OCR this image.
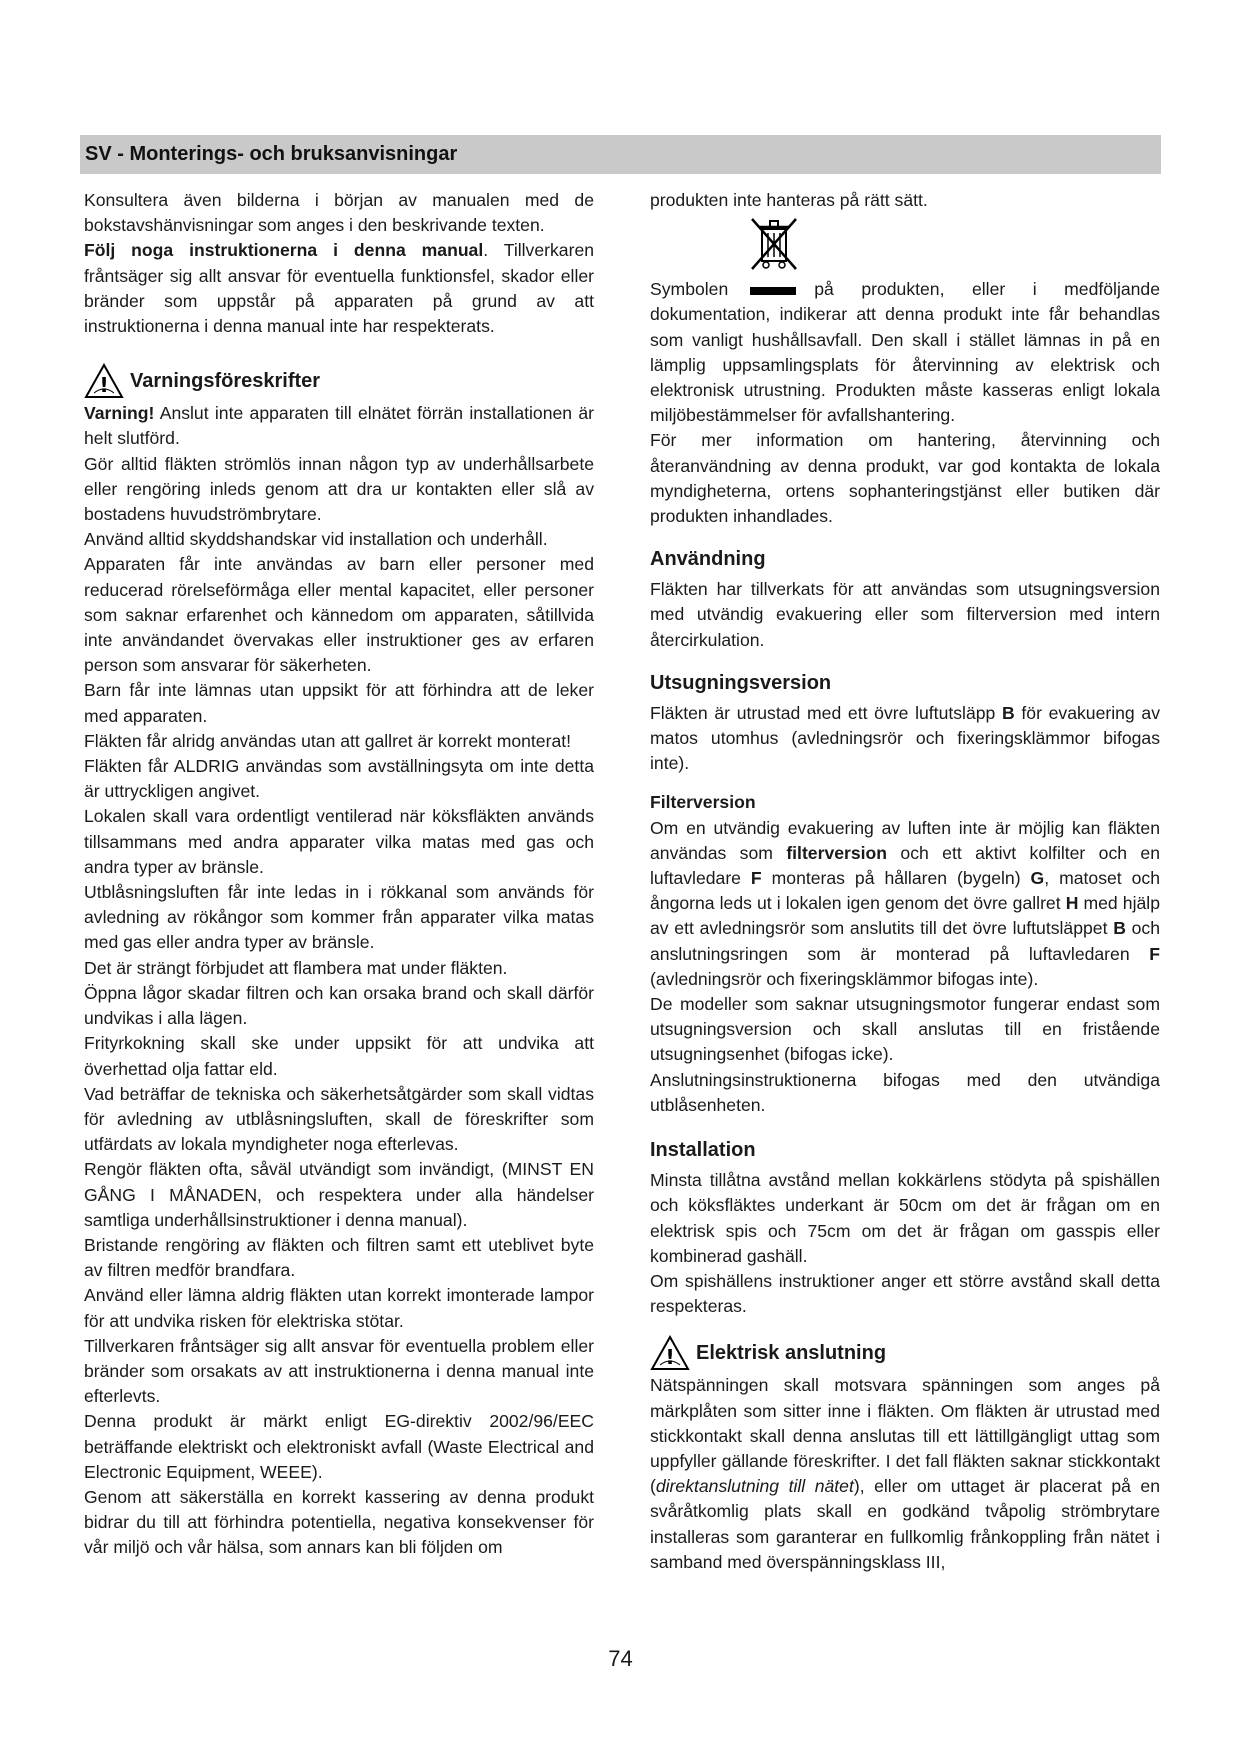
SV - Monterings- och bruksanvisningar

Konsultera även bilderna i början av manualen med de bokstavshänvisningar som anges i den beskrivande texten.

Följ noga instruktionerna i denna manual. Tillverkaren fråntsäger sig allt ansvar för eventuella funktionsfel, skador eller bränder som uppstår på apparaten på grund av att instruktionerna i denna manual inte har respekterats.

! Varningsföreskrifter

Varning! Anslut inte apparaten till elnätet förrän installationen är helt slutförd.

Gör alltid fläkten strömlös innan någon typ av underhållsarbete eller rengöring inleds genom att dra ur kontakten eller slå av bostadens huvudströmbrytare.

Använd alltid skyddshandskar vid installation och underhåll.

Apparaten får inte användas av barn eller personer med reducerad rörelseförmåga eller mental kapacitet, eller personer som saknar erfarenhet och kännedom om apparaten, såtillvida inte användandet övervakas eller instruktioner ges av erfaren person som ansvarar för säkerheten.

Barn får inte lämnas utan uppsikt för att förhindra att de leker med apparaten.

Fläkten får alridg användas utan att gallret är korrekt monterat!

Fläkten får ALDRIG användas som avställningsyta om inte detta är uttryckligen angivet.

Lokalen skall vara ordentligt ventilerad när köksfläkten används tillsammans med andra apparater vilka matas med gas och andra typer av bränsle.

Utblåsningsluften får inte ledas in i rökkanal som används för avledning av rökångor som kommer från apparater vilka matas med gas eller andra typer av bränsle.

Det är strängt förbjudet att flambera mat under fläkten.

Öppna lågor skadar filtren och kan orsaka brand och skall därför undvikas i alla lägen.

Frityrkokning skall ske under uppsikt för att undvika att överhettad olja fattar eld.

Vad beträffar de tekniska och säkerhetsåtgärder som skall vidtas för avledning av utblåsningsluften, skall de föreskrifter som utfärdats av lokala myndigheter noga efterlevas.

Rengör fläkten ofta, såväl utvändigt som invändigt, (MINST EN GÅNG I MÅNADEN, och respektera under alla händelser samtliga underhållsinstruktioner i denna manual).

Bristande rengöring av fläkten och filtren samt ett uteblivet byte av filtren medför brandfara.

Använd eller lämna aldrig fläkten utan korrekt imonterade lampor för att undvika risken för elektriska stötar.

Tillverkaren fråntsäger sig allt ansvar för eventuella problem eller bränder som orsakats av att instruktionerna i denna manual inte efterlevts.

Denna produkt är märkt enligt EG-direktiv 2002/96/EEC beträffande elektriskt och elektroniskt avfall (Waste Electrical and Electronic Equipment, WEEE).

Genom att säkerställa en korrekt kassering av denna produkt bidrar du till att förhindra potentiella, negativa konsekvenser för vår miljö och vår hälsa, som annars kan bli följden om

produkten inte hanteras på rätt sätt.

Symbolen	på produkten, eller i medföljande dokumentation, indikerar att denna produkt inte får behandlas som vanligt hushållsavfall. Den skall i stället lämnas in på en lämplig uppsamlingsplats för återvinning av elektrisk och elektronisk utrustning. Produkten måste kasseras enligt lokala miljöbestämmelser för avfallshantering.

För mer information om hantering, återvinning och återanvändning av denna produkt, var god kontakta de lokala myndigheterna, ortens sophanteringstjänst eller butiken där produkten inhandlades.

Användning

Fläkten har tillverkats för att användas som utsugningsversion med utvändig evakuering eller som filterversion med intern återcirkulation.

Utsugningsversion

Fläkten är utrustad med ett övre luftutsläpp B för evakuering av matos utomhus (avledningsrör och fixeringsklämmor bifogas inte).

Filterversion

Om en utvändig evakuering av luften inte är möjlig kan fläkten användas som filterversion och ett aktivt kolfilter och en luftavledare F monteras på hållaren (bygeln) G, matoset och ångorna leds ut i lokalen igen genom det övre gallret H med hjälp av ett avledningsrör som anslutits till det övre luftutsläppet B och anslutningsringen som är monterad på luftavledaren F (avledningsrör och fixeringsklämmor bifogas inte).

De modeller som saknar utsugningsmotor fungerar endast som utsugningsversion och skall anslutas till en fristående utsugningsenhet (bifogas icke).

Anslutningsinstruktionerna bifogas med den utvändiga utblåsenheten.

Installation

Minsta tillåtna avstånd mellan kokkärlens stödyta på spishällen och köksfläktes underkant är 50cm om det är frågan om en elektrisk spis och 75cm om det är frågan om gasspis eller kombinerad gashäll.

Om spishällens instruktioner anger ett större avstånd skall detta respekteras.

! Elektrisk anslutning

Nätspänningen skall motsvara spänningen som anges på märkplåten som sitter inne i fläkten. Om fläkten är utrustad med stickkontakt skall denna anslutas till ett lättillgängligt uttag som uppfyller gällande föreskrifter. I det fall fläkten saknar stickkontakt (direktanslutning till nätet), eller om uttaget är placerat på en svåråtkomlig plats skall en godkänd tvåpolig strömbrytare installeras som garanterar en fullkomlig frånkoppling från nätet i samband med överspänningsklass III,

74
